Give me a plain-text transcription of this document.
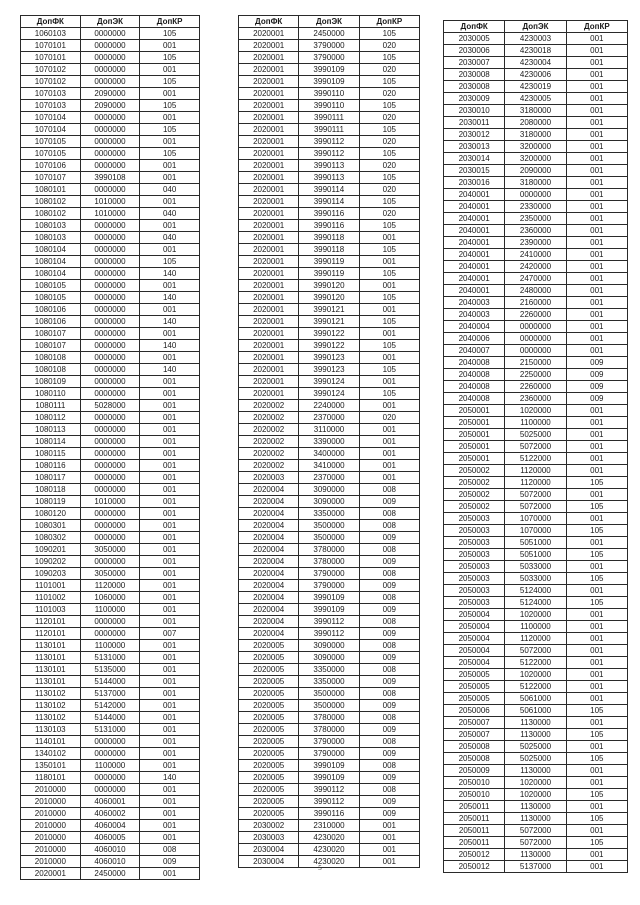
ДопФК	ДопЭК	ДопКР
1060103	0000000	105
1070101	0000000	001
1070101	0000000	105
1070102	0000000	001
1070102	0000000	105
1070103	2090000	001
1070103	2090000	105
1070104	0000000	001
1070104	0000000	105
1070105	0000000	001
1070105	0000000	105
1070106	0000000	001
1070107	3990108	001
1080101	0000000	040
1080102	1010000	001
1080102	1010000	040
1080103	0000000	001
1080103	0000000	040
1080104	0000000	001
1080104	0000000	105
1080104	0000000	140
1080105	0000000	001
1080105	0000000	140
1080106	0000000	001
1080106	0000000	140
1080107	0000000	001
1080107	0000000	140
1080108	0000000	001
1080108	0000000	140
1080109	0000000	001
1080110	0000000	001
1080111	5028000	001
1080112	0000000	001
1080113	0000000	001
1080114	0000000	001
1080115	0000000	001
1080116	0000000	001
1080117	0000000	001
1080118	0000000	001
1080119	1010000	001
1080120	0000000	001
1080301	0000000	001
1080302	0000000	001
1090201	3050000	001
1090202	0000000	001
1090203	3050000	001
1101001	1120000	001
1101002	1060000	001
1101003	1100000	001
1120101	0000000	001
1120101	0000000	007
1130101	1100000	001
1130101	5131000	001
1130101	5135000	001
1130101	5144000	001
1130102	5137000	001
1130102	5142000	001
1130102	5144000	001
1130103	5131000	001
1140101	0000000	001
1340102	0000000	001
1350101	1100000	001
1180101	0000000	140
2010000	0000000	001
2010000	4060001	001
2010000	4060002	001
2010000	4060004	001
2010000	4060005	001
2010000	4060010	008
2010000	4060010	009
2020001	2450000	001
ДопФК	ДопЭК	ДопКР
2020001	2450000	105
2020001	3790000	020
2020001	3790000	105
2020001	3990109	020
2020001	3990109	105
2020001	3990110	020
2020001	3990110	105
2020001	3990111	020
2020001	3990111	105
2020001	3990112	020
2020001	3990112	105
2020001	3990113	020
2020001	3990113	105
2020001	3990114	020
2020001	3990114	105
2020001	3990116	020
2020001	3990116	105
2020001	3990118	001
2020001	3990118	105
2020001	3990119	001
2020001	3990119	105
2020001	3990120	001
2020001	3990120	105
2020001	3990121	001
2020001	3990121	105
2020001	3990122	001
2020001	3990122	105
2020001	3990123	001
2020001	3990123	105
2020001	3990124	001
2020001	3990124	105
2020002	2240000	001
2020002	2370000	020
2020002	3110000	001
2020002	3390000	001
2020002	3400000	001
2020002	3410000	001
2020003	2370000	001
2020004	3090000	008
2020004	3090000	009
2020004	3350000	008
2020004	3500000	008
2020004	3500000	009
2020004	3780000	008
2020004	3780000	009
2020004	3790000	008
2020004	3790000	009
2020004	3990109	008
2020004	3990109	009
2020004	3990112	008
2020004	3990112	009
2020005	3090000	008
2020005	3090000	009
2020005	3350000	008
2020005	3350000	009
2020005	3500000	008
2020005	3500000	009
2020005	3780000	008
2020005	3780000	009
2020005	3790000	008
2020005	3790000	009
2020005	3990109	008
2020005	3990109	009
2020005	3990112	008
2020005	3990112	009
2020005	3990116	009
2030002	2310000	001
2030003	4230020	001
2030004	4230020	001
2030004	4230020	001
ДопФК	ДопЭК	ДопКР
2030005	4230003	001
2030006	4230018	001
2030007	4230004	001
2030008	4230006	001
2030008	4230019	001
2030009	4230005	001
2030010	3180000	001
2030011	2080000	001
2030012	3180000	001
2030013	3200000	001
2030014	3200000	001
2030015	2090000	001
2030016	3180000	001
2040001	0000000	001
2040001	2330000	001
2040001	2350000	001
2040001	2360000	001
2040001	2390000	001
2040001	2410000	001
2040001	2420000	001
2040001	2470000	001
2040001	2480000	001
2040003	2160000	001
2040003	2260000	001
2040004	0000000	001
2040006	0000000	001
2040007	0000000	001
2040008	2150000	009
2040008	2250000	009
2040008	2260000	009
2040008	2360000	009
2050001	1020000	001
2050001	1100000	001
2050001	5025000	001
2050001	5072000	001
2050001	5122000	001
2050002	1120000	001
2050002	1120000	105
2050002	5072000	001
2050002	5072000	105
2050003	1070000	001
2050003	1070000	105
2050003	5051000	001
2050003	5051000	105
2050003	5033000	001
2050003	5033000	105
2050003	5124000	001
2050003	5124000	105
2050004	1020000	001
2050004	1100000	001
2050004	1120000	001
2050004	5072000	001
2050004	5122000	001
2050005	1020000	001
2050005	5122000	001
2050005	5061000	001
2050006	5061000	105
2050007	1130000	001
2050007	1130000	105
2050008	5025000	001
2050008	5025000	105
2050009	1130000	001
2050010	1020000	001
2050010	1020000	105
2050011	1130000	001
2050011	1130000	105
2050011	5072000	001
2050011	5072000	105
2050012	1130000	001
2050012	5137000	001
5
